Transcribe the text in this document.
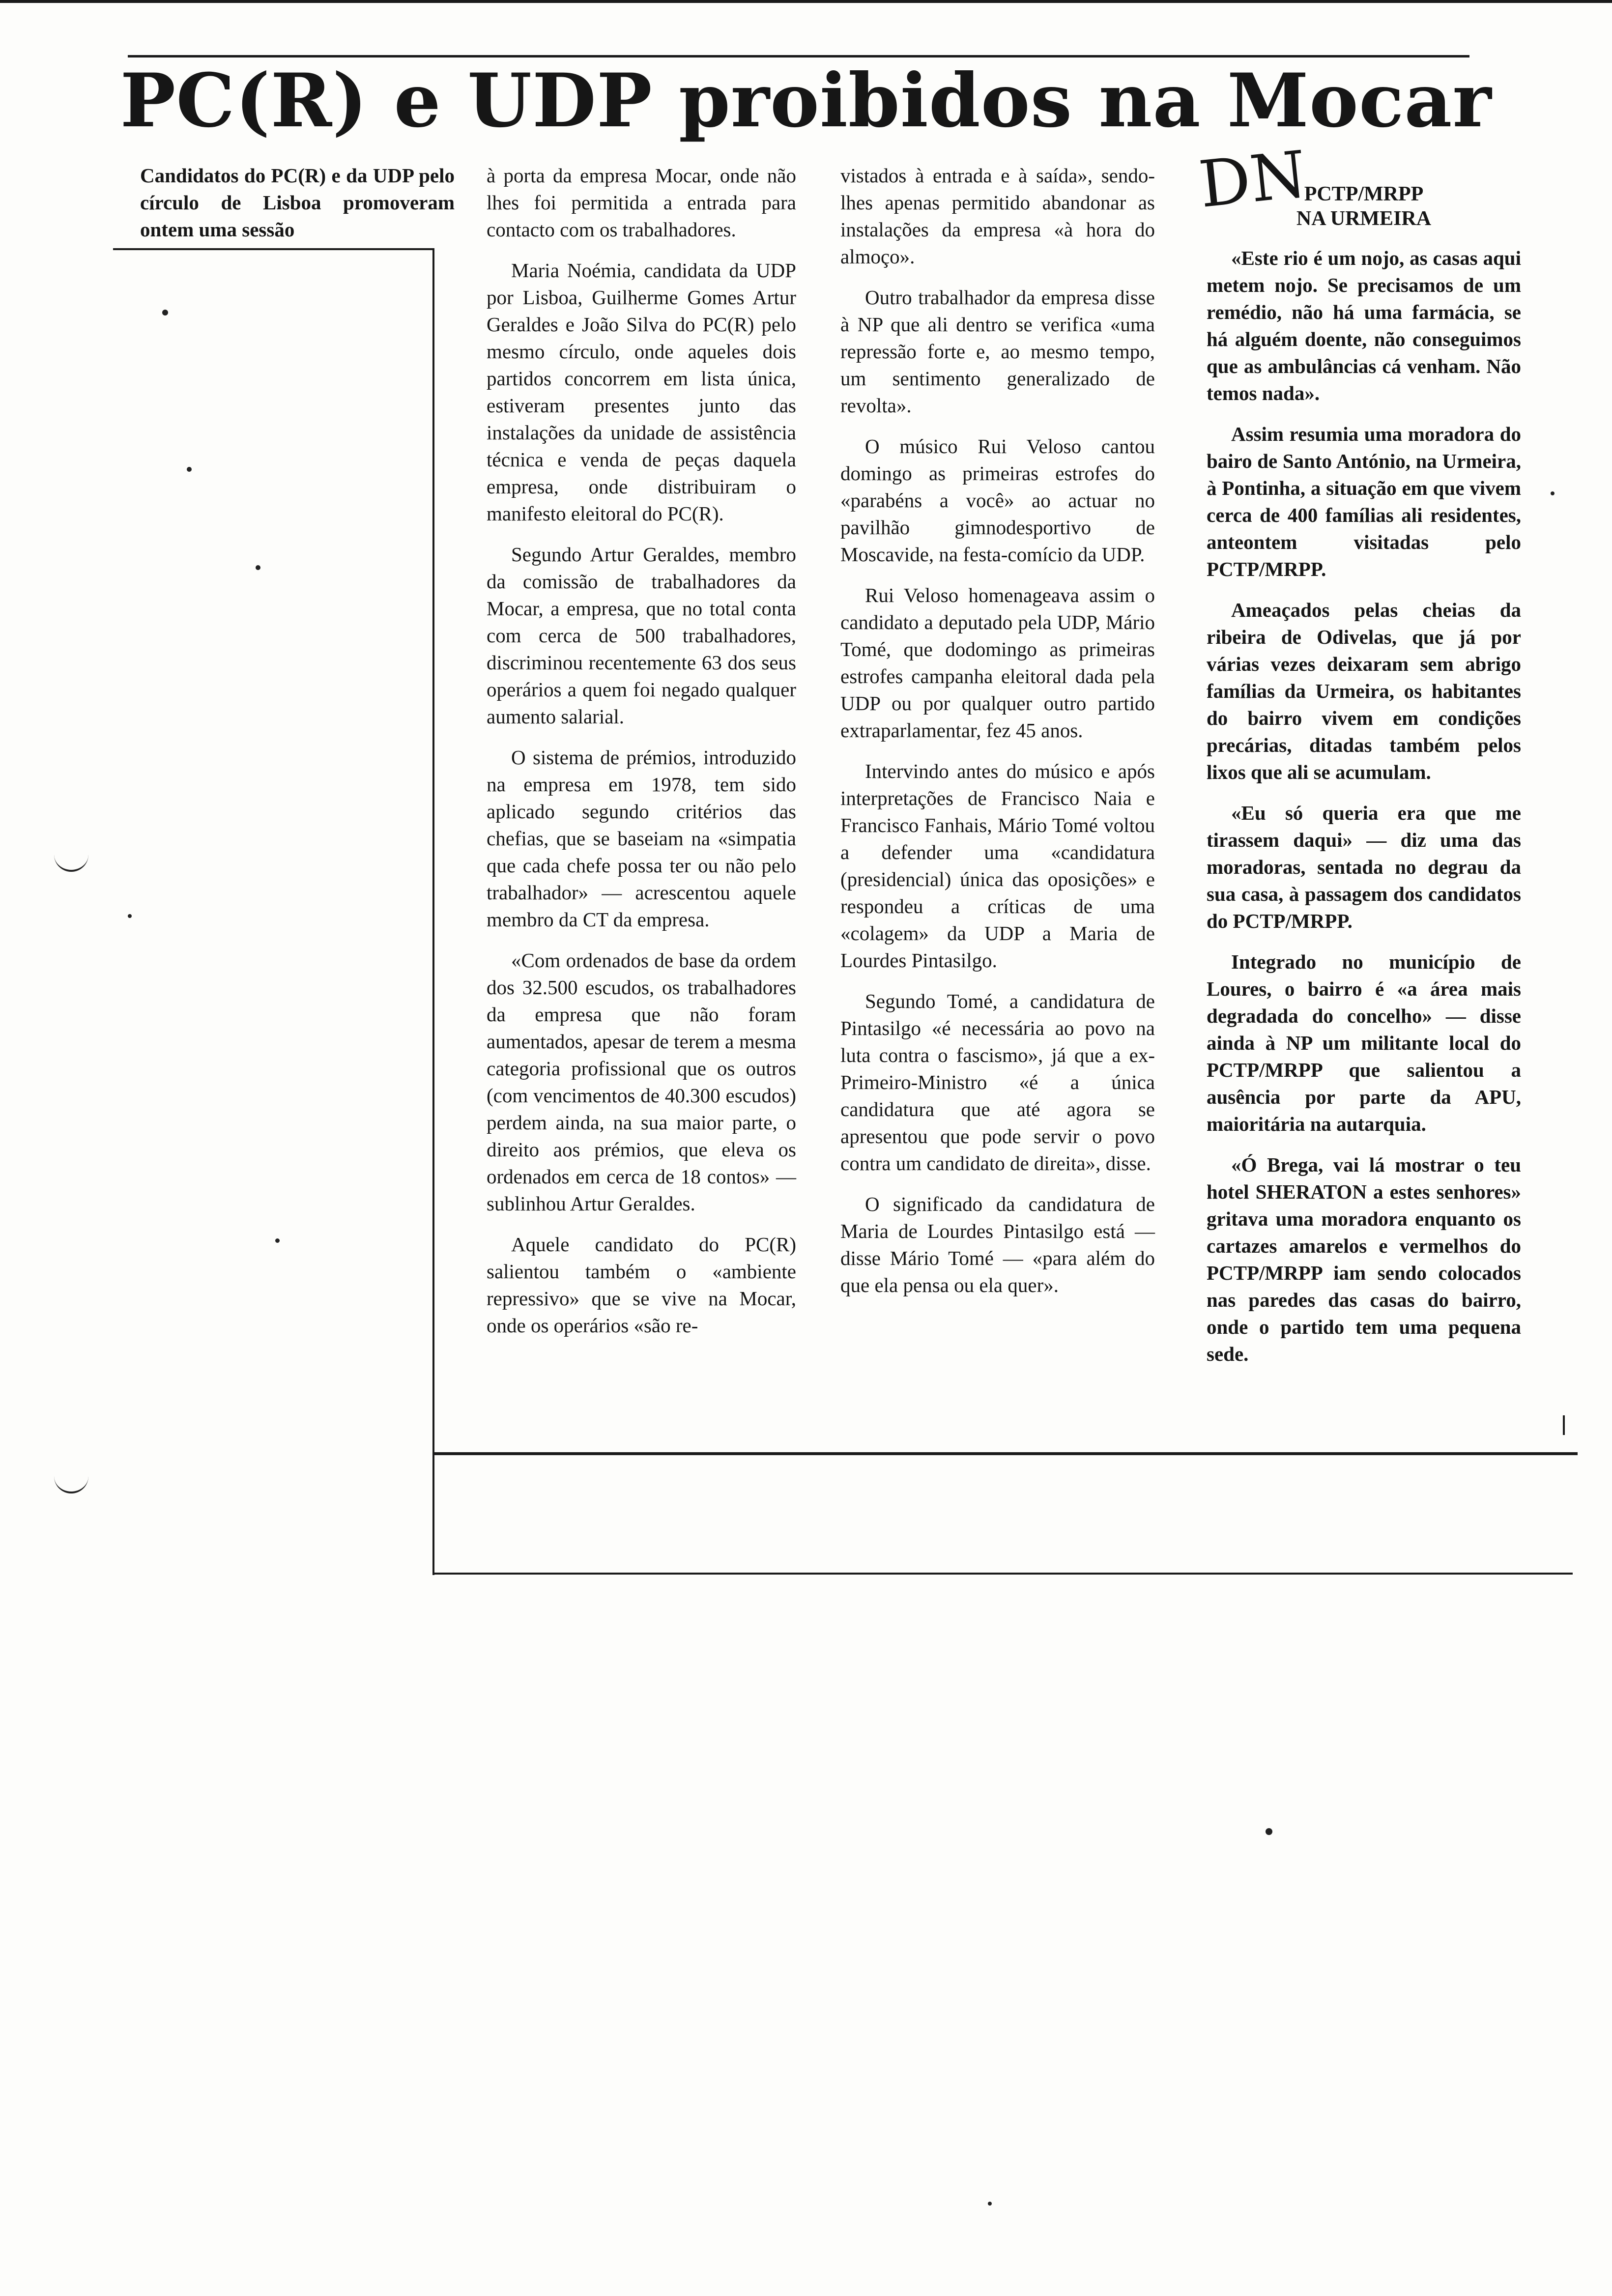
PC(R) e UDP proibidos na Mocar
DN

Candidatos do PC(R) e da UDP pelo círculo de Lisboa promoveram ontem uma sessão

à porta da empresa Mocar, onde não lhes foi permitida a entrada para contacto com os trabalhadores.

Maria Noémia, candidata da UDP por Lisboa, Guilherme Gomes Artur Geraldes e João Silva do PC(R) pelo mesmo círculo, onde aqueles dois partidos concorrem em lista única, estiveram presentes junto das instalações da unidade de assistência técnica e venda de peças daquela empresa, onde distribuiram o manifesto eleitoral do PC(R).

Segundo Artur Geraldes, membro da comissão de trabalhadores da Mocar, a empresa, que no total conta com cerca de 500 trabalhadores, discriminou recentemente 63 dos seus operários a quem foi negado qualquer aumento salarial.

O sistema de prémios, introduzido na empresa em 1978, tem sido aplicado segundo critérios das chefias, que se baseiam na «simpatia que cada chefe possa ter ou não pelo trabalhador» — acrescentou aquele membro da CT da empresa.

«Com ordenados de base da ordem dos 32.500 escudos, os trabalhadores da empresa que não foram aumentados, apesar de terem a mesma categoria profissional que os outros (com vencimentos de 40.300 escudos) perdem ainda, na sua maior parte, o direito aos prémios, que eleva os ordenados em cerca de 18 contos» — sublinhou Artur Geraldes.

Aquele candidato do PC(R) salientou também o «ambiente repressivo» que se vive na Mocar, onde os operários «são re-

vistados à entrada e à saída», sendo-lhes apenas permitido abandonar as instalações da empresa «à hora do almoço».

Outro trabalhador da empresa disse à NP que ali dentro se verifica «uma repressão forte e, ao mesmo tempo, um sentimento generalizado de revolta».

O músico Rui Veloso cantou domingo as primeiras estrofes do «parabéns a você» ao actuar no pavilhão gimnodesportivo de Moscavide, na festa-comício da UDP.

Rui Veloso homenageava assim o candidato a deputado pela UDP, Mário Tomé, que dodomingo as primeiras estrofes campanha eleitoral dada pela UDP ou por qualquer outro partido extraparlamentar, fez 45 anos.

Intervindo antes do músico e após interpretações de Francisco Naia e Francisco Fanhais, Mário Tomé voltou a defender uma «candidatura (presidencial) única das oposições» e respondeu a críticas de uma «colagem» da UDP a Maria de Lourdes Pintasilgo.

Segundo Tomé, a candidatura de Pintasilgo «é necessária ao povo na luta contra o fascismo», já que a ex-Primeiro-Ministro «é a única candidatura que até agora se apresentou que pode servir o povo contra um candidato de direita», disse.

O significado da candidatura de Maria de Lourdes Pintasilgo está — disse Mário Tomé — «para além do que ela pensa ou ela quer».

PCTP/MRPP
NA URMEIRA

«Este rio é um nojo, as casas aqui metem nojo. Se precisamos de um remédio, não há uma farmácia, se há alguém doente, não conseguimos que as ambulâncias cá venham. Não temos nada».

Assim resumia uma moradora do bairo de Santo António, na Urmeira, à Pontinha, a situação em que vivem cerca de 400 famílias ali residentes, anteontem visitadas pelo PCTP/MRPP.

Ameaçados pelas cheias da ribeira de Odivelas, que já por várias vezes deixaram sem abrigo famílias da Urmeira, os habitantes do bairro vivem em condições precárias, ditadas também pelos lixos que ali se acumulam.

«Eu só queria era que me tirassem daqui» — diz uma das moradoras, sentada no degrau da sua casa, à passagem dos candidatos do PCTP/MRPP.

Integrado no município de Loures, o bairro é «a área mais degradada do concelho» — disse ainda à NP um militante local do PCTP/MRPP que salientou a ausência por parte da APU, maioritária na autarquia.

«Ó Brega, vai lá mostrar o teu hotel SHERATON a estes senhores» gritava uma moradora enquanto os cartazes amarelos e vermelhos do PCTP/MRPP iam sendo colocados nas paredes das casas do bairro, onde o partido tem uma pequena sede.
